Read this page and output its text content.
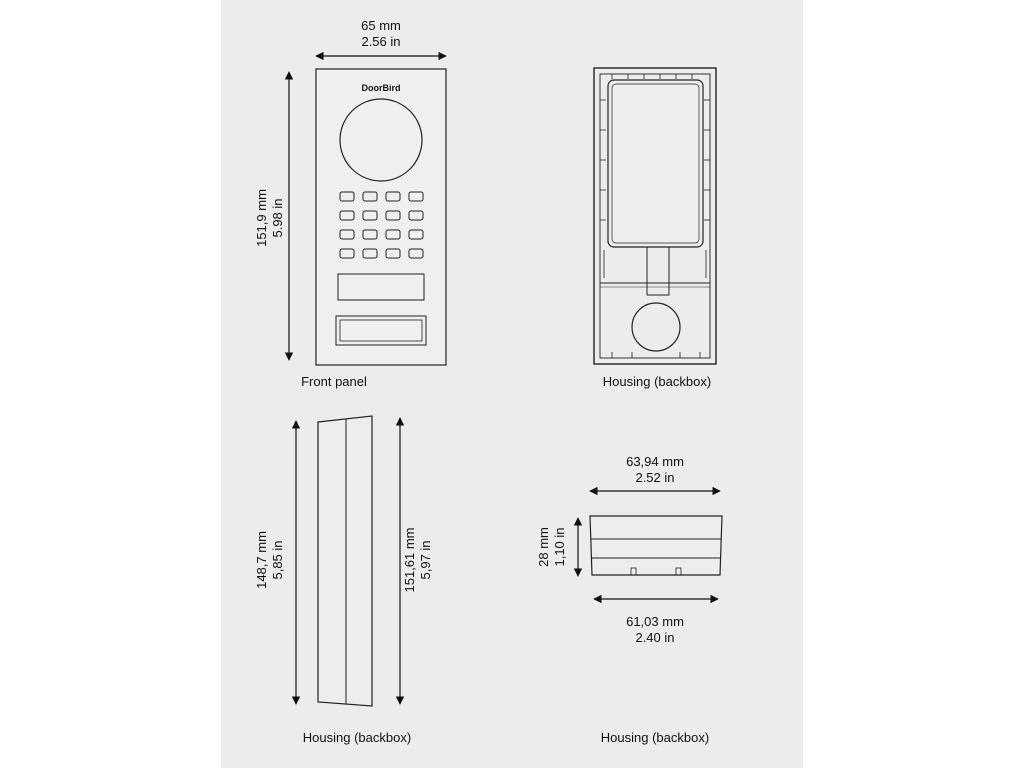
65 mm
2.56 in
151,9 mm 5.98 in
DoorBird
Front panel	Housing (backbox)
148,7 mm 5,85 in	151,61 mm 5,97 in
Housing (backbox)
63,94 mm
2.52 in
28 mm 1,10 in
61,03 mm
2.40 in
Housing (backbox)
